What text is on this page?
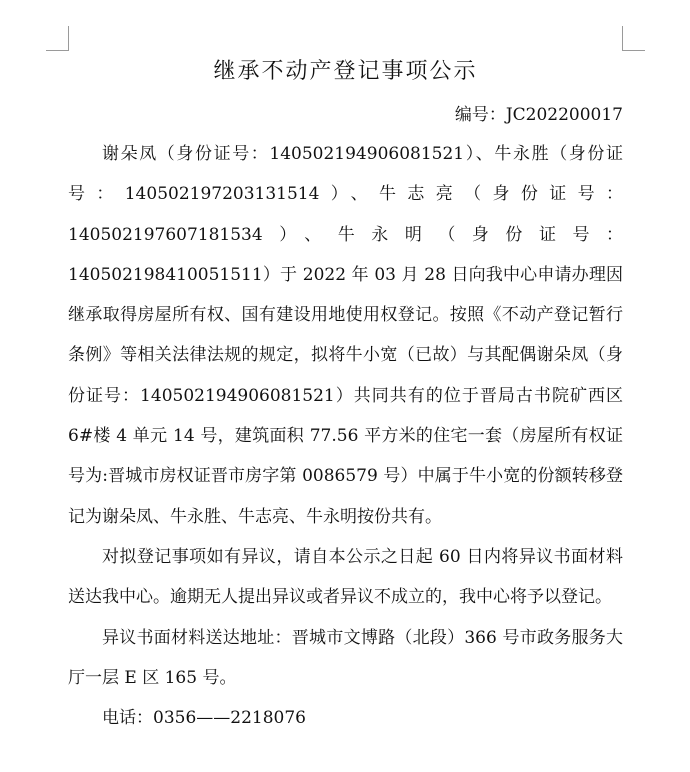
继承不动产登记事项公示
编号：JC202200017

谢朵凤（身份证号：140502194906081521）、牛永胜（身份证号：140502197203131514）、牛志亮（身份证号：140502197607181534）、牛永明（身份证号：140502198410051511）于 2022 年 03 月 28 日向我中心申请办理因继承取得房屋所有权、国有建设用地使用权登记。按照《不动产登记暂行条例》等相关法律法规的规定，拟将牛小宽（已故）与其配偶谢朵凤（身份证号：140502194906081521）共同共有的位于晋局古书院矿西区 6#楼 4 单元 14 号，建筑面积 77.56 平方米的住宅一套（房屋所有权证号为:晋城市房权证晋市房字第 0086579 号）中属于牛小宽的份额转移登记为谢朵凤、牛永胜、牛志亮、牛永明按份共有。

对拟登记事项如有异议，请自本公示之日起 60 日内将异议书面材料送达我中心。逾期无人提出异议或者异议不成立的，我中心将予以登记。

异议书面材料送达地址：晋城市文博路（北段）366 号市政务服务大厅一层 E 区 165 号。

电话：0356——2218076
